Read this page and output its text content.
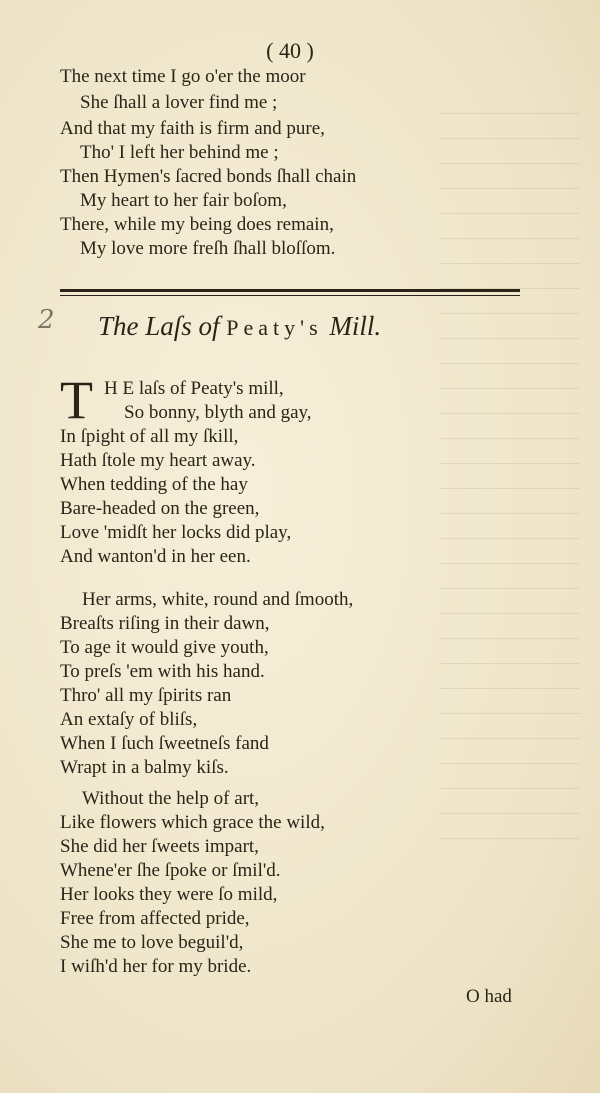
( 40 )
The next time I go o'er the moor
She ſhall a lover find me ;
And that my faith is firm and pure,
Tho' I left her behind me ;
Then Hymen's ſacred bonds ſhall chain
My heart to her fair boſom,
There, while my being does remain,
My love more freſh ſhall bloſſom.
2 The Laſs of Peaty's Mill.
T H E laſs of Peaty's mill,
So bonny, blyth and gay,
In ſpight of all my ſkill,
Hath ſtole my heart away.
When tedding of the hay
Bare-headed on the green,
Love 'midſt her locks did play,
And wanton'd in her een.
Her arms, white, round and ſmooth,
Breaſts riſing in their dawn,
To age it would give youth,
To preſs 'em with his hand.
Thro' all my ſpirits ran
An extaſy of bliſs,
When I ſuch ſweetneſs fand
Wrapt in a balmy kiſs.
Without the help of art,
Like flowers which grace the wild,
She did her ſweets impart,
Whene'er ſhe ſpoke or ſmil'd.
Her looks they were ſo mild,
Free from affected pride,
She me to love beguil'd,
I wiſh'd her for my bride.
O had
